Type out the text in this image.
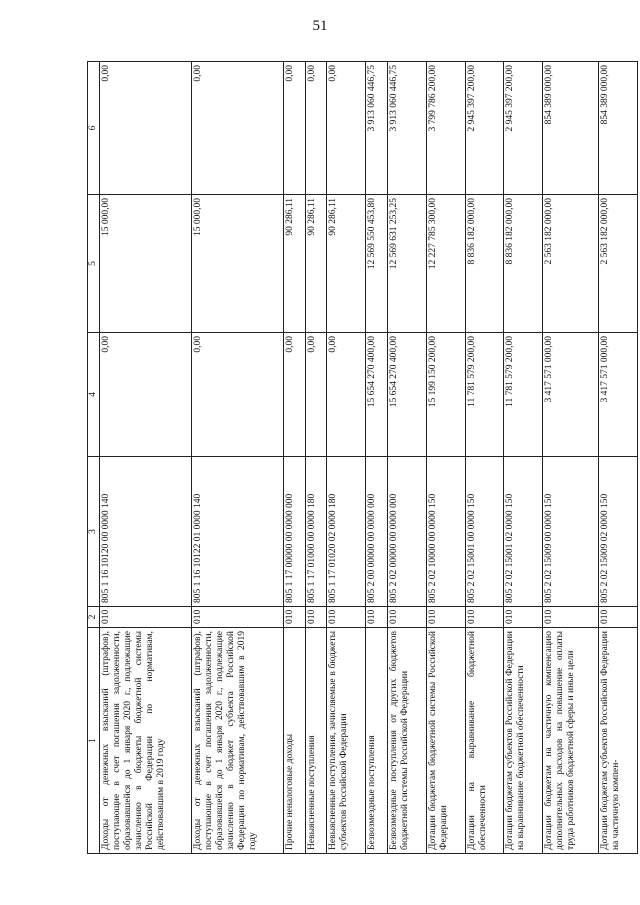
51
1	2	3	4	5	6
Доходы от денежных взысканий (штрафов), поступающие в счет погашения задолженности, образовавшейся до 1 января 2020 г., подлежащие зачислению в бюджеты бюджетной системы Российской Федерации по нормативам, действовавшим в 2019 году	010	805 1 16 10120 00 0000 140	0,00	15 000,00	0,00
Доходы от денежных взысканий (штрафов), поступающие в счет погашения задолженности, образовавшейся до 1 января 2020 г., подлежащие зачислению в бюджет субъекта Российской Федерации по нормативам, действовавшим в 2019 году	010	805 1 16 10122 01 0000 140	0,00	15 000,00	0,00
Прочие неналоговые доходы	010	805 1 17 00000 00 0000 000	0,00	90 286,11	0,00
Невыясненные поступления	010	805 1 17 01000 00 0000 180	0,00	90 286,11	0,00
Невыясненные поступления, зачисляемые в бюджеты субъектов Российской Федерации	010	805 1 17 01020 02 0000 180	0,00	90 286,11	0,00
Безвозмездные поступления	010	805 2 00 00000 00 0000 000	15 654 270 400,00	12 569 550 453,80	3 913 060 446,75
Безвозмездные поступления от других бюджетов бюджетной системы Российской Федерации	010	805 2 02 00000 00 0000 000	15 654 270 400,00	12 569 631 253,25	3 913 060 446,75
Дотации бюджетам бюджетной системы Российской Федерации	010	805 2 02 10000 00 0000 150	15 199 150 200,00	12 227 785 300,00	3 799 786 200,00
Дотации на выравнивание бюджетной обеспеченности	010	805 2 02 15001 00 0000 150	11 781 579 200,00	8 836 182 000,00	2 945 397 200,00
Дотации бюджетам субъектов Российской Федерации на выравнивание бюджетной обеспеченности	010	805 2 02 15001 02 0000 150	11 781 579 200,00	8 836 182 000,00	2 945 397 200,00
Дотации бюджетам на частичную компенсацию дополнительных расходов на повышение оплаты труда работников бюджетной сферы и иные цели	010	805 2 02 15009 00 0000 150	3 417 571 000,00	2 563 182 000,00	854 389 000,00
Дотации бюджетам субъектов Российской Федерации на частичную компен-	010	805 2 02 15009 02 0000 150	3 417 571 000,00	2 563 182 000,00	854 389 000,00
